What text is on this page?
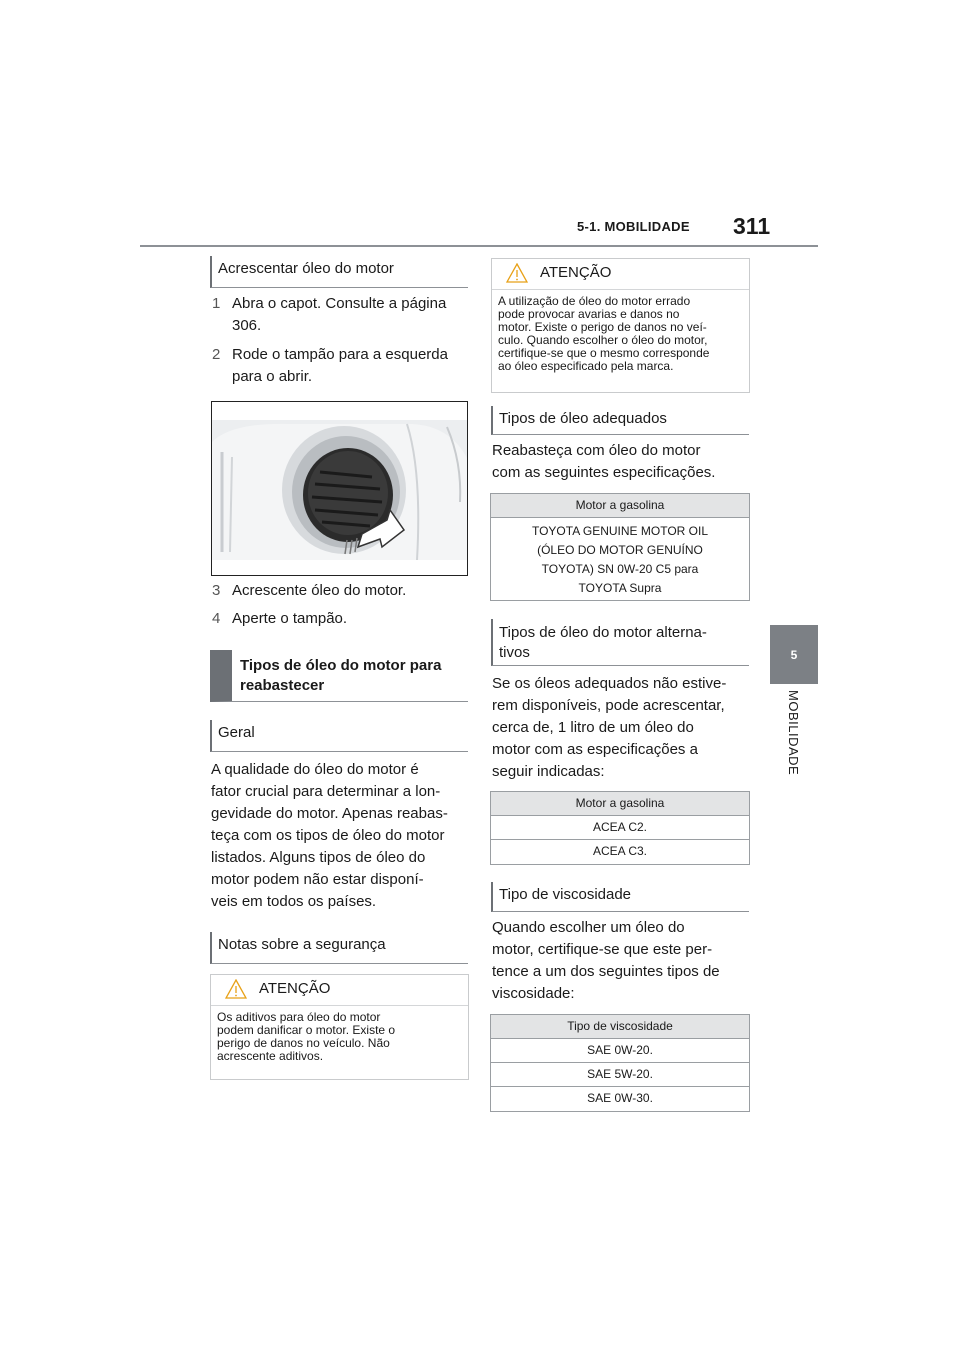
5-1. MOBILIDADE 311
5
MOBILIDADE
Acrescentar óleo do motor
1 Abra o capot. Consulte a página
306.
2 Rode o tampão para a esquerda
para o abrir.
3 Acrescente óleo do motor.
4 Aperte o tampão.
Tipos de óleo do motor para
reabastecer
Geral
A qualidade do óleo do motor é
fator crucial para determinar a lon-
gevidade do motor. Apenas reabas-
teça com os tipos de óleo do motor
listados. Alguns tipos de óleo do
motor podem não estar disponí-
veis em todos os países.
Notas sobre a segurança
ATENÇÃO
Os aditivos para óleo do motor
podem danificar o motor. Existe o
perigo de danos no veículo. Não
acrescente aditivos.
ATENÇÃO
A utilização de óleo do motor errado
pode provocar avarias e danos no
motor. Existe o perigo de danos no veí-
culo. Quando escolher o óleo do motor,
certifique-se que o mesmo corresponde
ao óleo especificado pela marca.
Tipos de óleo adequados
Reabasteça com óleo do motor
com as seguintes especificações.
Motor a gasolina
TOYOTA GENUINE MOTOR OIL
(ÓLEO DO MOTOR GENUÍNO
TOYOTA) SN 0W-20 C5 para
TOYOTA Supra
Tipos de óleo do motor alterna-
tivos
Se os óleos adequados não estive-
rem disponíveis, pode acrescentar,
cerca de, 1 litro de um óleo do
motor com as especificações a
seguir indicadas:
Motor a gasolina
ACEA C2.
ACEA C3.
Tipo de viscosidade
Quando escolher um óleo do
motor, certifique-se que este per-
tence a um dos seguintes tipos de
viscosidade:
Tipo de viscosidade
SAE 0W-20.
SAE 5W-20.
SAE 0W-30.
